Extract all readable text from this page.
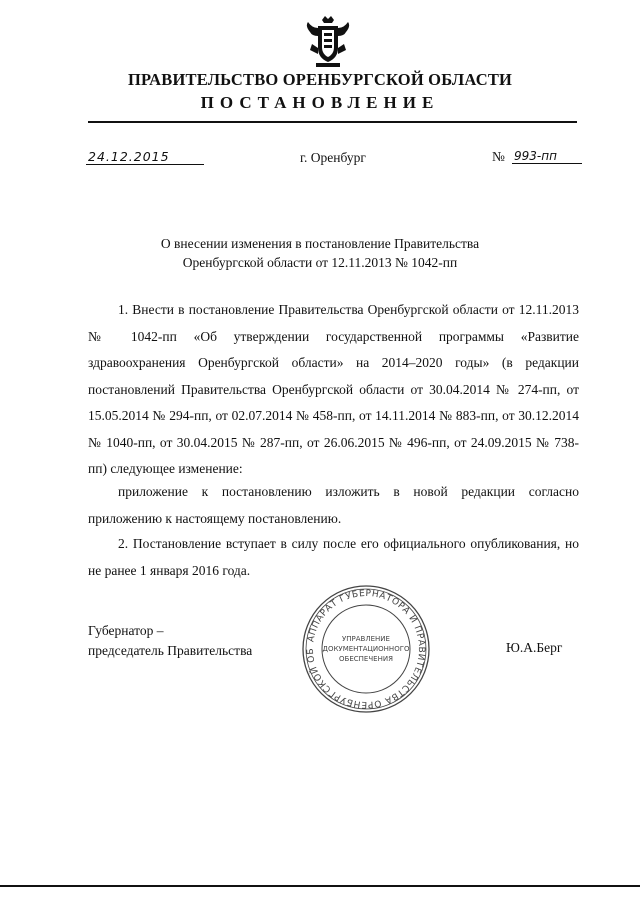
ПРАВИТЕЛЬСТВО ОРЕНБУРГСКОЙ ОБЛАСТИ
ПОСТАНОВЛЕНИЕ
24.12.2015	г. Оренбург	№ 993-пп
О внесении изменения в постановление Правительства
Оренбургской области от 12.11.2013 № 1042-пп

1. Внести в постановление Правительства Оренбургской области от 12.11.2013 № 1042-пп «Об утверждении государственной программы «Развитие здравоохранения Оренбургской области» на 2014–2020 годы» (в редакции постановлений Правительства Оренбургской области от 30.04.2014 № 274-пп, от 15.05.2014 № 294-пп, от 02.07.2014 № 458-пп, от 14.11.2014 № 883-пп, от 30.12.2014 № 1040-пп, от 30.04.2015 № 287-пп, от 26.06.2015 № 496-пп, от 24.09.2015 № 738-пп) следующее изменение:

приложение к постановлению изложить в новой редакции согласно приложению к настоящему постановлению.

2. Постановление вступает в силу после его официального опубликования, но не ранее 1 января 2016 года.

Губернатор –
председатель Правительства	Ю.А.Берг
АППАРАТ ГУБЕРНАТОРА И ПРАВИТЕЛЬСТВА ОРЕНБУРГСКОЙ ОБ
УПРАВЛЕНИЕ
ДОКУМЕНТАЦИОННОГО
ОБЕСПЕЧЕНИЯ
